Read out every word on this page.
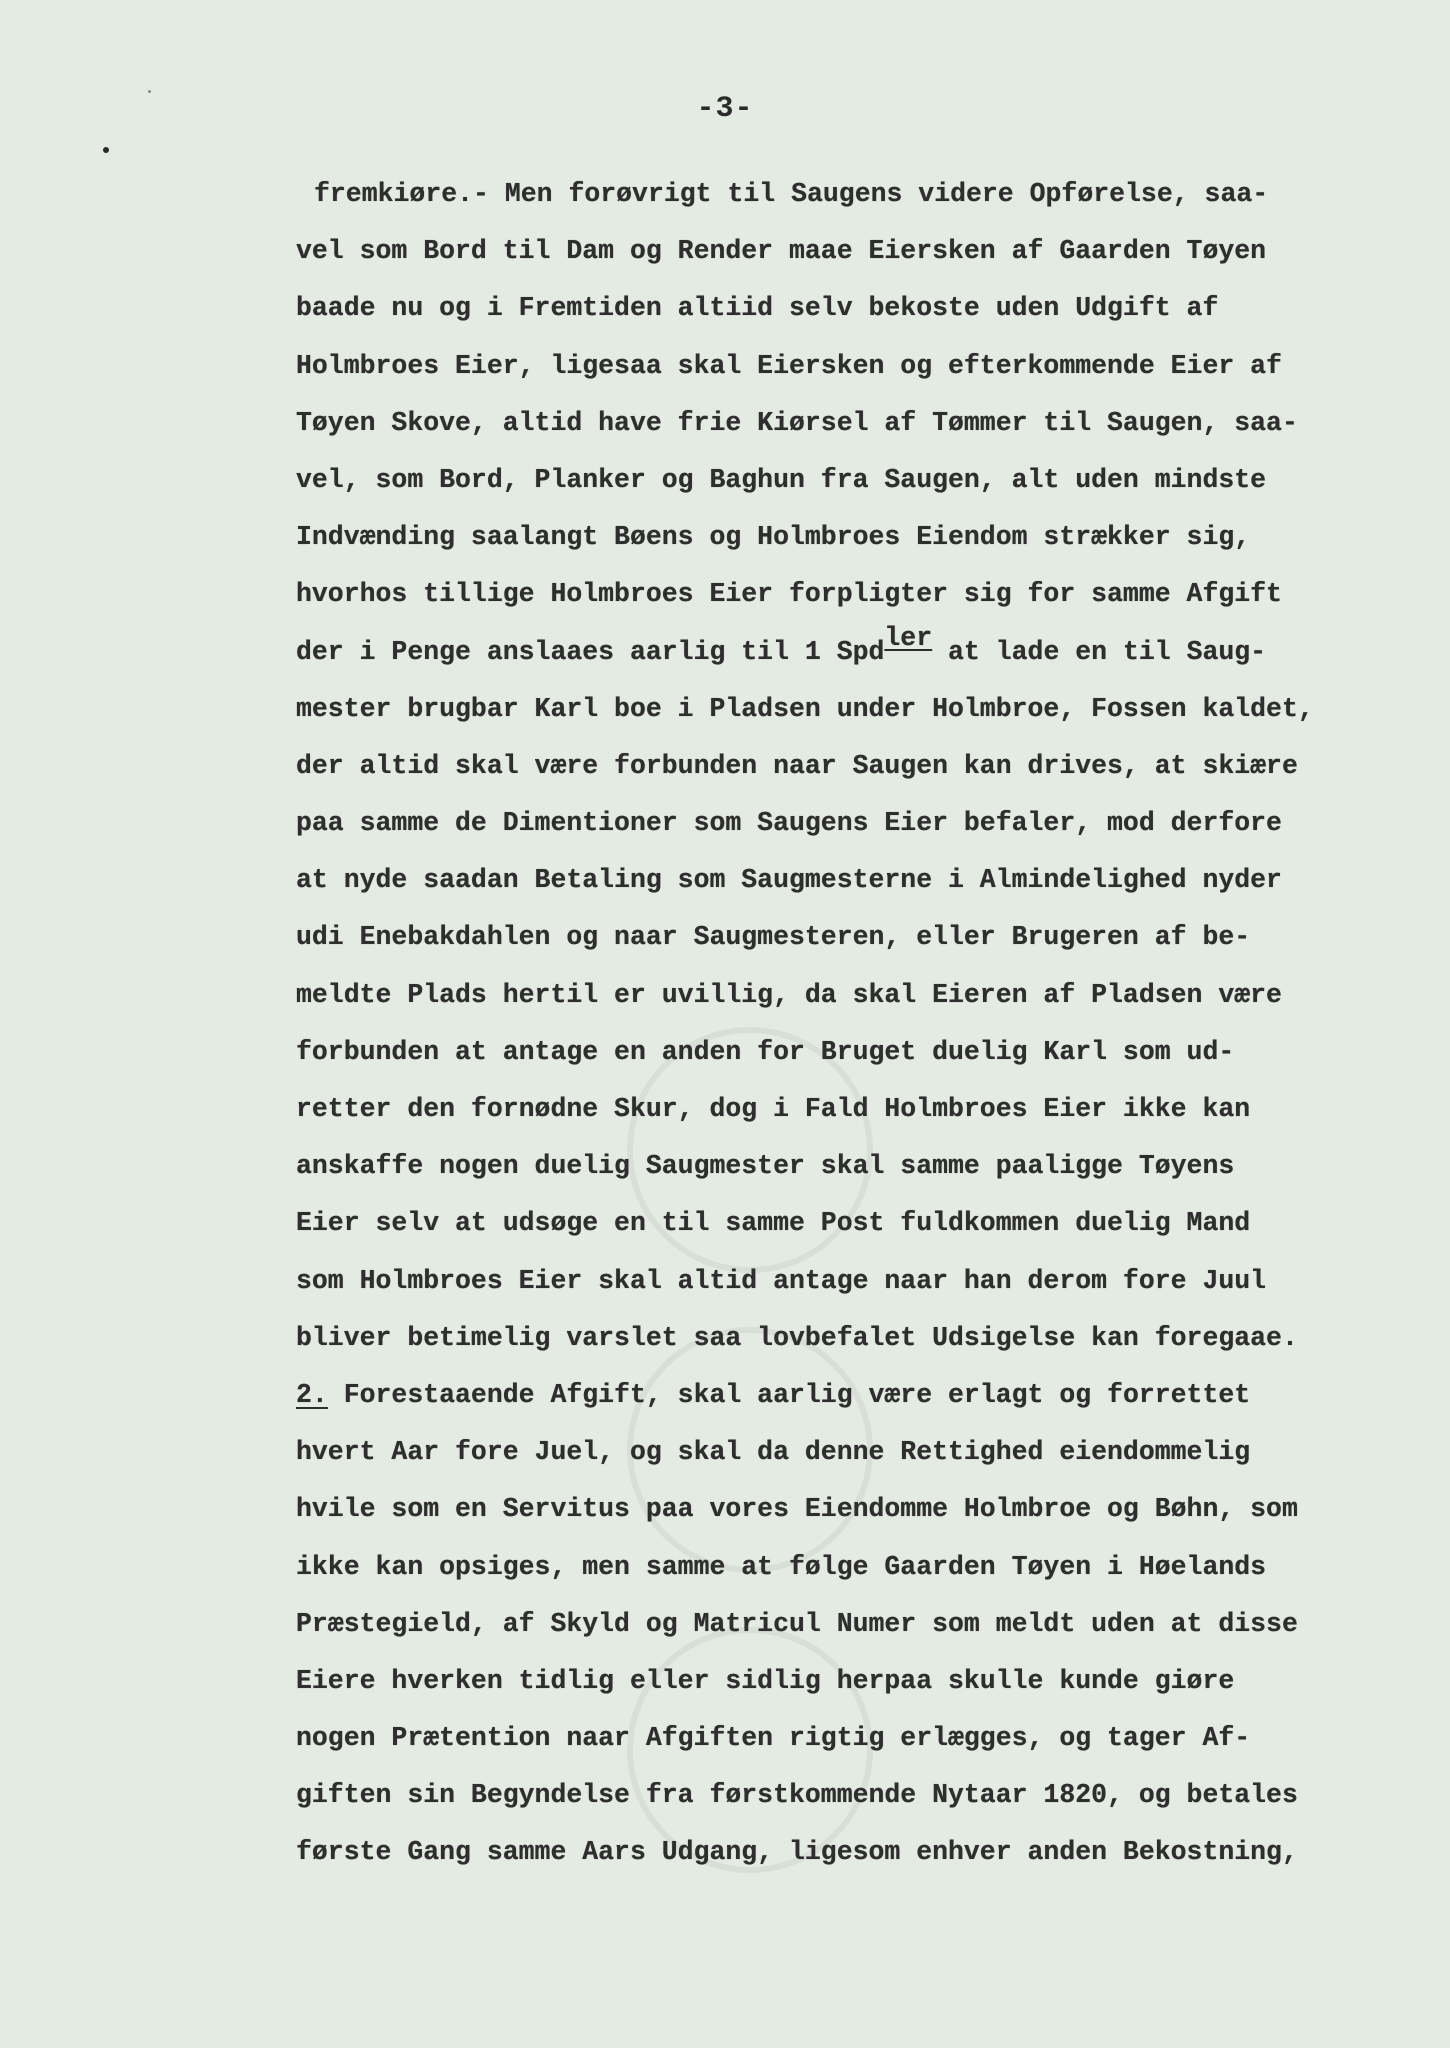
-3-
fremkiøre.- Men forøvrigt til Saugens videre Opførelse, saa-
vel som Bord til Dam og Render maae Eiersken af Gaarden Tøyen
baade nu og i Fremtiden altiid selv bekoste uden Udgift af
Holmbroes Eier, ligesaa skal Eiersken og efterkommende Eier af
Tøyen Skove, altid have frie Kiørsel af Tømmer til Saugen, saa-
vel, som Bord, Planker og Baghun fra Saugen, alt uden mindste
Indvænding saalangt Bøens og Holmbroes Eiendom strækker sig,
hvorhos tillige Holmbroes Eier forpligter sig for samme Afgift
der i Penge anslaaes aarlig til 1 Spdler at lade en til Saug-
mester brugbar Karl boe i Pladsen under Holmbroe, Fossen kaldet,
der altid skal være forbunden naar Saugen kan drives, at skiære
paa samme de Dimentioner som Saugens Eier befaler, mod derfore
at nyde saadan Betaling som Saugmesterne i Almindelighed nyder
udi Enebakdahlen og naar Saugmesteren, eller Brugeren af be-
meldte Plads hertil er uvillig, da skal Eieren af Pladsen være
forbunden at antage en anden for Bruget duelig Karl som ud-
retter den fornødne Skur, dog i Fald Holmbroes Eier ikke kan
anskaffe nogen duelig Saugmester skal samme paaligge Tøyens
Eier selv at udsøge en til samme Post fuldkommen duelig Mand
som Holmbroes Eier skal altid antage naar han derom fore Juul
bliver betimelig varslet saa lovbefalet Udsigelse kan foregaae.
2. Forestaaende Afgift, skal aarlig være erlagt og forrettet
hvert Aar fore Juel, og skal da denne Rettighed eiendommelig
hvile som en Servitus paa vores Eiendomme Holmbroe og Bøhn, som
ikke kan opsiges, men samme at følge Gaarden Tøyen i Høelands
Præstegield, af Skyld og Matricul Numer som meldt uden at disse
Eiere hverken tidlig eller sidlig herpaa skulle kunde giøre
nogen Prætention naar Afgiften rigtig erlægges, og tager Af-
giften sin Begyndelse fra førstkommende Nytaar 1820, og betales
første Gang samme Aars Udgang, ligesom enhver anden Bekostning,
